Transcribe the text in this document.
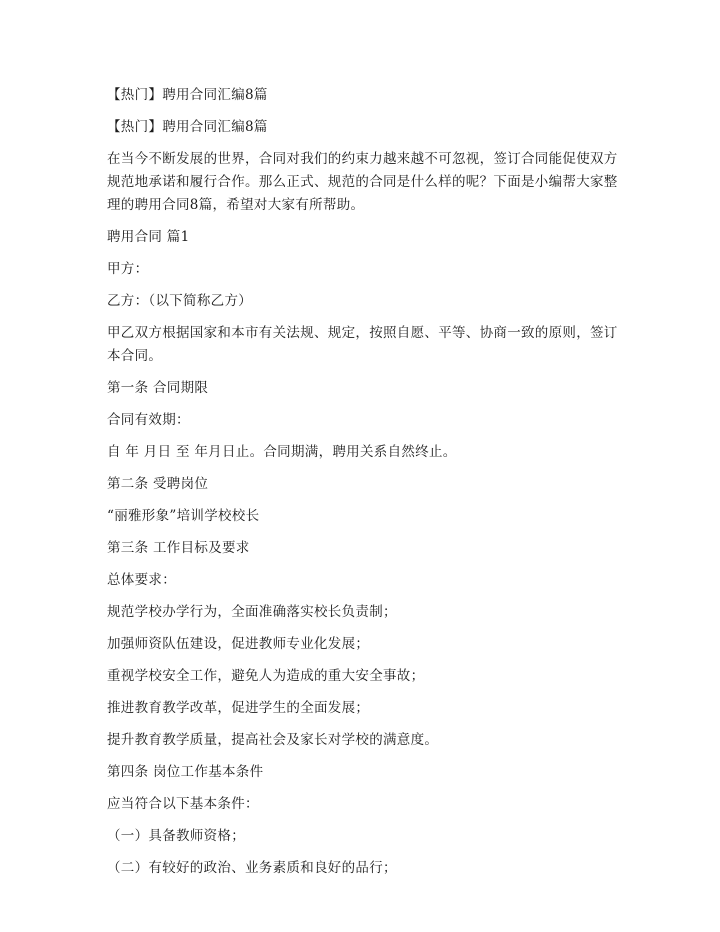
【热门】聘用合同汇编8篇

【热门】聘用合同汇编8篇

在当今不断发展的世界，合同对我们的约束力越来越不可忽视，签订合同能促使双方规范地承诺和履行合作。那么正式、规范的合同是什么样的呢？下面是小编帮大家整理的聘用合同8篇，希望对大家有所帮助。

聘用合同 篇1

甲方：

乙方：（以下简称乙方）

甲乙双方根据国家和本市有关法规、规定，按照自愿、平等、协商一致的原则，签订本合同。

第一条 合同期限

合同有效期：

自 年 月日 至 年月日止。合同期满，聘用关系自然终止。

第二条 受聘岗位

“丽雅形象”培训学校校长

第三条 工作目标及要求

总体要求：

规范学校办学行为，全面准确落实校长负责制；

加强师资队伍建设，促进教师专业化发展；

重视学校安全工作，避免人为造成的重大安全事故；

推进教育教学改革，促进学生的全面发展；

提升教育教学质量，提高社会及家长对学校的满意度。

第四条 岗位工作基本条件

应当符合以下基本条件：

（一）具备教师资格；

（二）有较好的政治、业务素质和良好的品行；
